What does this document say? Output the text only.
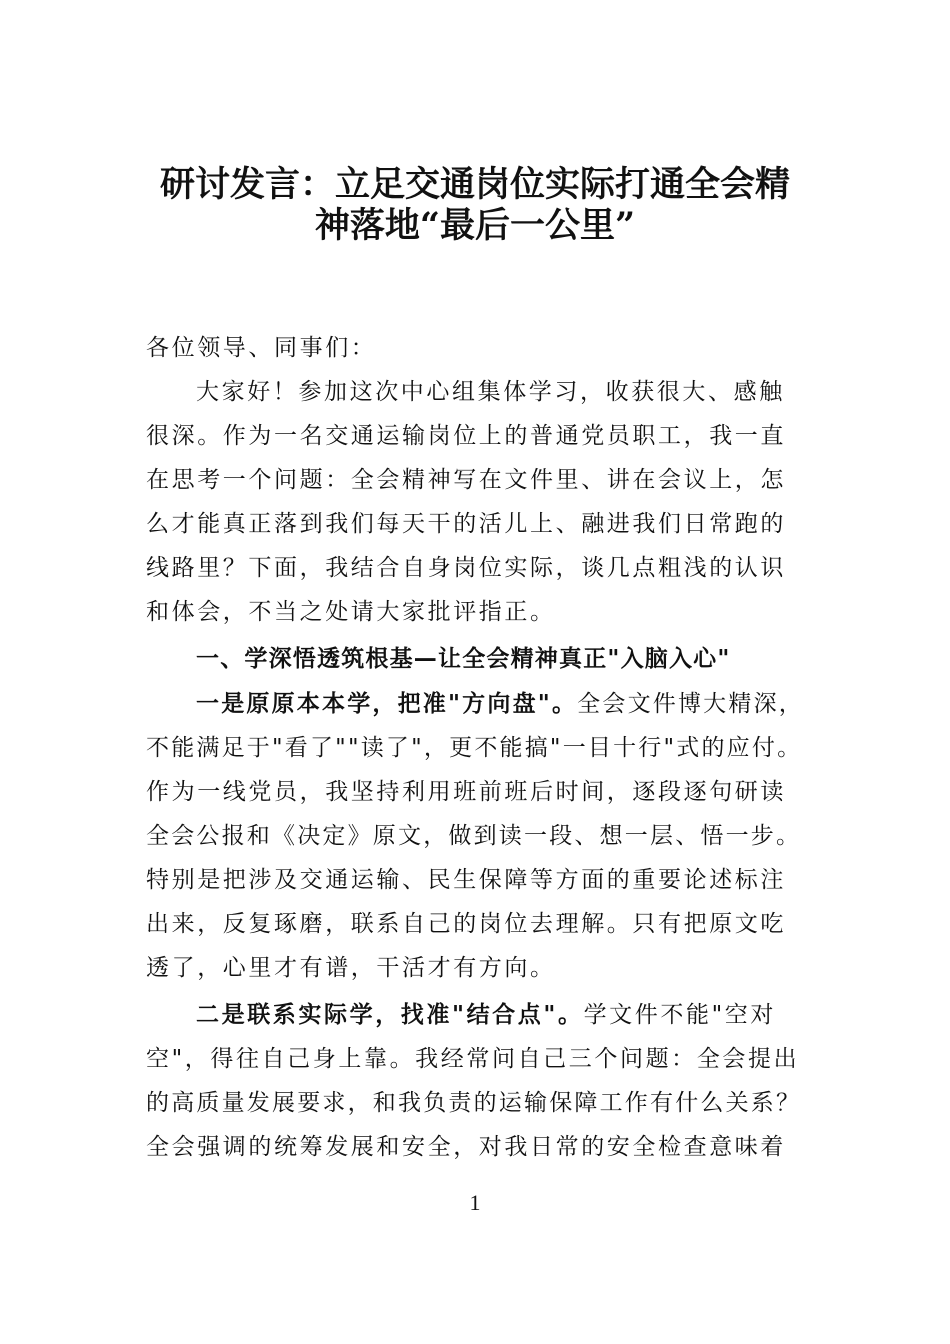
研讨发言：立足交通岗位实际打通全会精

神落地“最后一公里”

各位领导、同事们：

大家好！参加这次中心组集体学习，收获很大、感触

很深。作为一名交通运输岗位上的普通党员职工，我一直

在思考一个问题：全会精神写在文件里、讲在会议上，怎

么才能真正落到我们每天干的活儿上、融进我们日常跑的

线路里？下面，我结合自身岗位实际，谈几点粗浅的认识

和体会，不当之处请大家批评指正。

一、学深悟透筑根基—让全会精神真正"入脑入心"

一是原原本本学，把准"方向盘"。全会文件博大精深，

不能满足于"看了""读了"，更不能搞"一目十行"式的应付。

作为一线党员，我坚持利用班前班后时间，逐段逐句研读

全会公报和《决定》原文，做到读一段、想一层、悟一步。

特别是把涉及交通运输、民生保障等方面的重要论述标注

出来，反复琢磨，联系自己的岗位去理解。只有把原文吃

透了，心里才有谱，干活才有方向。

二是联系实际学，找准"结合点"。学文件不能"空对

空"，得往自己身上靠。我经常问自己三个问题：全会提出

的高质量发展要求，和我负责的运输保障工作有什么关系？

全会强调的统筹发展和安全，对我日常的安全检查意味着

1
